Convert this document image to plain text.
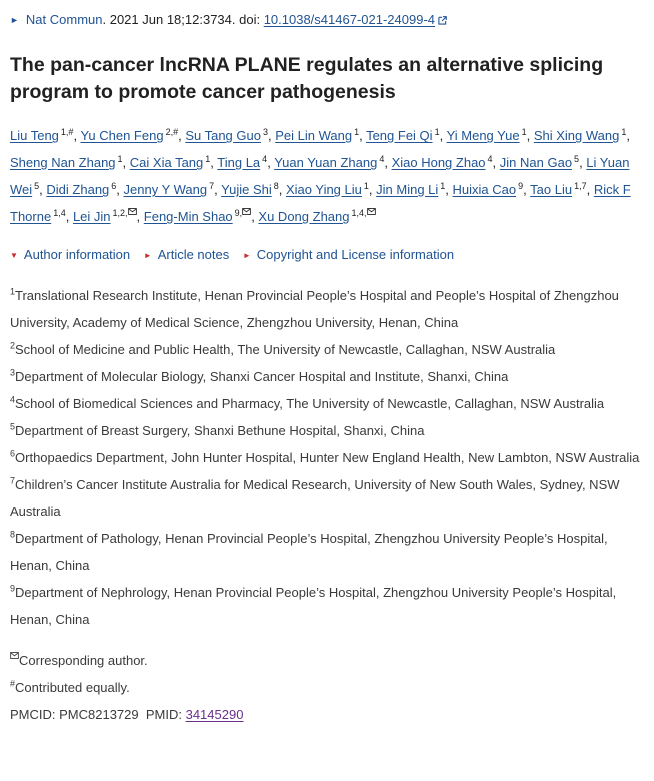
► Nat Commun. 2021 Jun 18;12:3734. doi: 10.1038/s41467-021-24099-4
The pan-cancer lncRNA PLANE regulates an alternative splicing program to promote cancer pathogenesis
Liu Teng $^{1,\#}$, Yu Chen Feng $^{2,\#}$, Su Tang Guo $^3$, Pei Lin Wang $^1$, Teng Fei Qi $^1$, Yi Meng Yue $^1$, Shi Xing Wang $^1$, Sheng Nan Zhang $^1$, Cai Xia Tang $^1$, Ting La $^4$, Yuan Yuan Zhang $^4$, Xiao Hong Zhao $^4$, Jin Nan Gao $^5$, Li Yuan Wei $^5$, Didi Zhang $^6$, Jenny Y Wang $^7$, Yujie Shi $^8$, Xiao Ying Liu $^1$, Jin Ming Li $^1$, Huixia Cao $^9$, Tao Liu $^{1,7}$, Rick F Thorne $^{1,4}$, Lei Jin $^{1,2,}$ , Feng-Min Shao $^{9,}$ , Xu Dong Zhang $^{1,4,}$
▼ Author information ► Article notes ► Copyright and License information
$^1$Translational Research Institute, Henan Provincial People’s Hospital and People’s Hospital of Zhengzhou University, Academy of Medical Science, Zhengzhou University, Henan, China
$^2$School of Medicine and Public Health, The University of Newcastle, Callaghan, NSW Australia
$^3$Department of Molecular Biology, Shanxi Cancer Hospital and Institute, Shanxi, China
$^4$School of Biomedical Sciences and Pharmacy, The University of Newcastle, Callaghan, NSW Australia
$^5$Department of Breast Surgery, Shanxi Bethune Hospital, Shanxi, China
$^6$Orthopaedics Department, John Hunter Hospital, Hunter New England Health, New Lambton, NSW Australia
$^7$Children’s Cancer Institute Australia for Medical Research, University of New South Wales, Sydney, NSW Australia
$^8$Department of Pathology, Henan Provincial People’s Hospital, Zhengzhou University People’s Hospital, Henan, China
$^9$Department of Nephrology, Henan Provincial People’s Hospital, Zhengzhou University People’s Hospital, Henan, China
Corresponding author.
#Contributed equally.
PMCID: PMC8213729 PMID: 34145290
